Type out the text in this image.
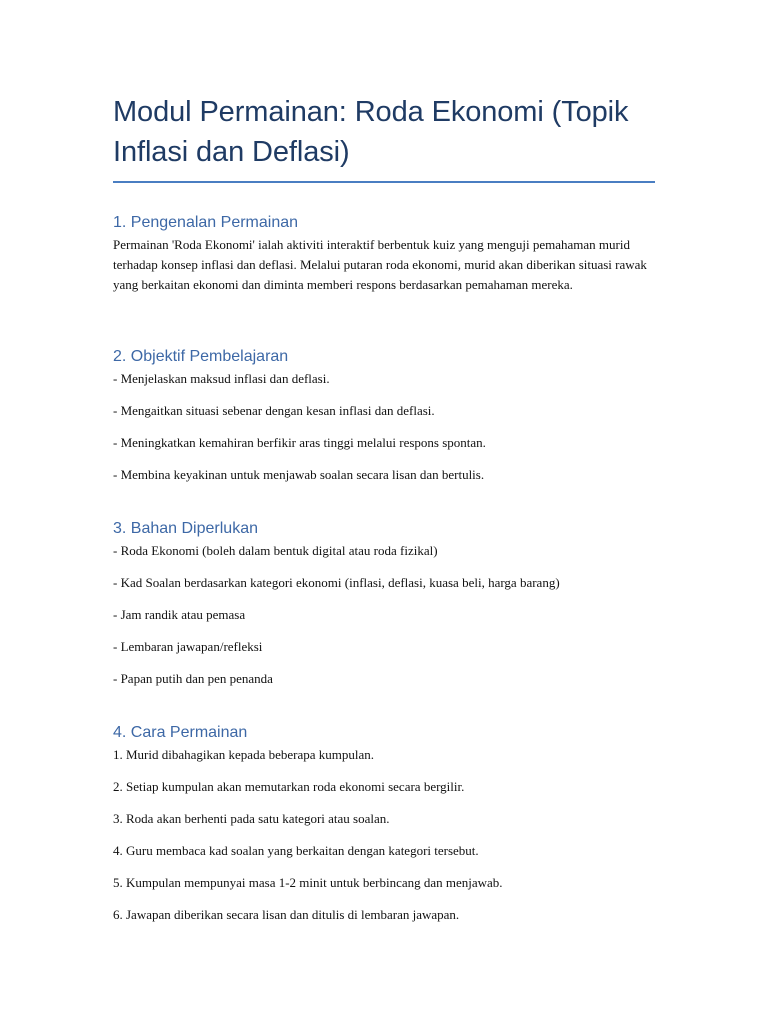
Modul Permainan: Roda Ekonomi (Topik Inflasi dan Deflasi)
1. Pengenalan Permainan

Permainan 'Roda Ekonomi' ialah aktiviti interaktif berbentuk kuiz yang menguji pemahaman murid terhadap konsep inflasi dan deflasi. Melalui putaran roda ekonomi, murid akan diberikan situasi rawak yang berkaitan ekonomi dan diminta memberi respons berdasarkan pemahaman mereka.

2. Objektif Pembelajaran

- Menjelaskan maksud inflasi dan deflasi.

- Mengaitkan situasi sebenar dengan kesan inflasi dan deflasi.

- Meningkatkan kemahiran berfikir aras tinggi melalui respons spontan.

- Membina keyakinan untuk menjawab soalan secara lisan dan bertulis.

3. Bahan Diperlukan

- Roda Ekonomi (boleh dalam bentuk digital atau roda fizikal)

- Kad Soalan berdasarkan kategori ekonomi (inflasi, deflasi, kuasa beli, harga barang)

- Jam randik atau pemasa

- Lembaran jawapan/refleksi

- Papan putih dan pen penanda

4. Cara Permainan

1. Murid dibahagikan kepada beberapa kumpulan.

2. Setiap kumpulan akan memutarkan roda ekonomi secara bergilir.

3. Roda akan berhenti pada satu kategori atau soalan.

4. Guru membaca kad soalan yang berkaitan dengan kategori tersebut.

5. Kumpulan mempunyai masa 1-2 minit untuk berbincang dan menjawab.

6. Jawapan diberikan secara lisan dan ditulis di lembaran jawapan.
